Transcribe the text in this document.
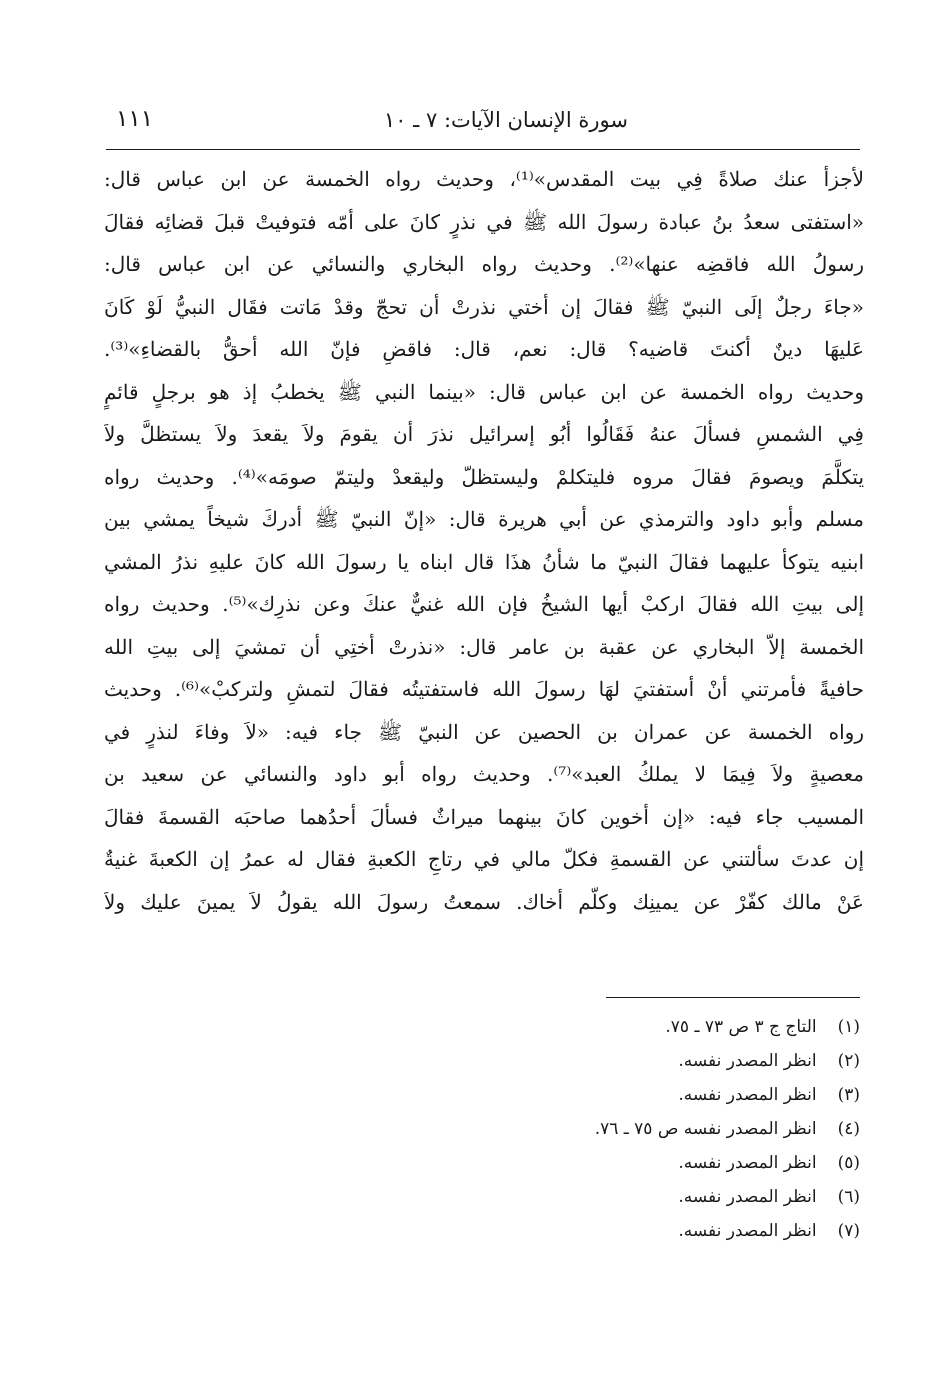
سورة الإنسان الآيات: ٧ ـ ١٠
١١١
لأجزأ عنك صلاةً فِي بيت المقدس»⁽¹⁾، وحديث رواه الخمسة عن ابن عباس قال:
«استفتى سعدُ بنُ عبادة رسولَ الله ﷺ في نذرٍ كانَ على أمّه فتوفيتْ قبلَ قضائِه فقالَ
رسولُ الله فاقضِه عنها»⁽²⁾. وحديث رواه البخاري والنسائي عن ابن عباس قال:
«جاءَ رجلٌ إلَى النبيّ ﷺ فقالَ إن أختي نذرتْ أن تحجّ وقدْ مَاتت فقَال النبيُّ لَوْ كَانَ
عَليهَا دينٌ أكنتَ قاضيه؟ قال: نعم، قال: فاقضِ فإنّ الله أحقُّ بالقضاءِ»⁽³⁾.
وحديث رواه الخمسة عن ابن عباس قال: «بينما النبي ﷺ يخطبُ إذ هو برجلٍ قائمٍ
فِي الشمسِ فسألَ عنهُ فَقَالُوا أبُو إسرائيل نذرَ أن يقومَ ولاَ يقعدَ ولاَ يستظلَّ ولاَ
يتكلَّمَ ويصومَ فقالَ مروه فليتكلمْ وليستظلّ وليقعدْ وليتمّ صومَه»⁽⁴⁾. وحديث رواه
مسلم وأبو داود والترمذي عن أبي هريرة قال: «إنّ النبيّ ﷺ أدركَ شيخاً يمشي بين
ابنيه يتوكأ عليهما فقالَ النبيّ ما شأنُ هذَا قال ابناه يا رسولَ الله كانَ عليهِ نذرُ المشي
إلى بيتِ الله فقالَ اركبْ أيها الشيخُ فإن الله غنيٌّ عنكَ وعن نذرِك»⁽⁵⁾. وحديث رواه
الخمسة إلاّ البخاري عن عقبة بن عامر قال: «نذرتْ أختِي أن تمشيَ إلى بيتِ الله
حافيةً فأمرتني أنْ أستفتيَ لهَا رسولَ الله فاستفتيتُه فقالَ لتمشِ ولتركبْ»⁽⁶⁾. وحديث
رواه الخمسة عن عمران بن الحصين عن النبيّ ﷺ جاء فيه: «لاَ وفاءَ لنذرٍ في
معصيةٍ ولاَ فِيمَا لا يملكُ العبد»⁽⁷⁾. وحديث رواه أبو داود والنسائي عن سعيد بن
المسيب جاء فيه: «إن أخوين كانَ بينهما ميراثٌ فسألَ أحدُهما صاحبَه القسمةَ فقالَ
إن عدتَ سألتني عن القسمةِ فكلّ مالي في رتاجِ الكعبةِ فقال له عمرُ إن الكعبةَ غنيةٌ
عَنْ مالك كفّرْ عن يمينِك وكلّم أخاك. سمعتُ رسولَ الله يقولُ لاَ يمينَ عليك ولاَ
(١) التاج ج ٣ ص ٧٣ ـ ٧٥.
(٢) انظر المصدر نفسه.
(٣) انظر المصدر نفسه.
(٤) انظر المصدر نفسه ص ٧٥ ـ ٧٦.
(٥) انظر المصدر نفسه.
(٦) انظر المصدر نفسه.
(٧) انظر المصدر نفسه.
